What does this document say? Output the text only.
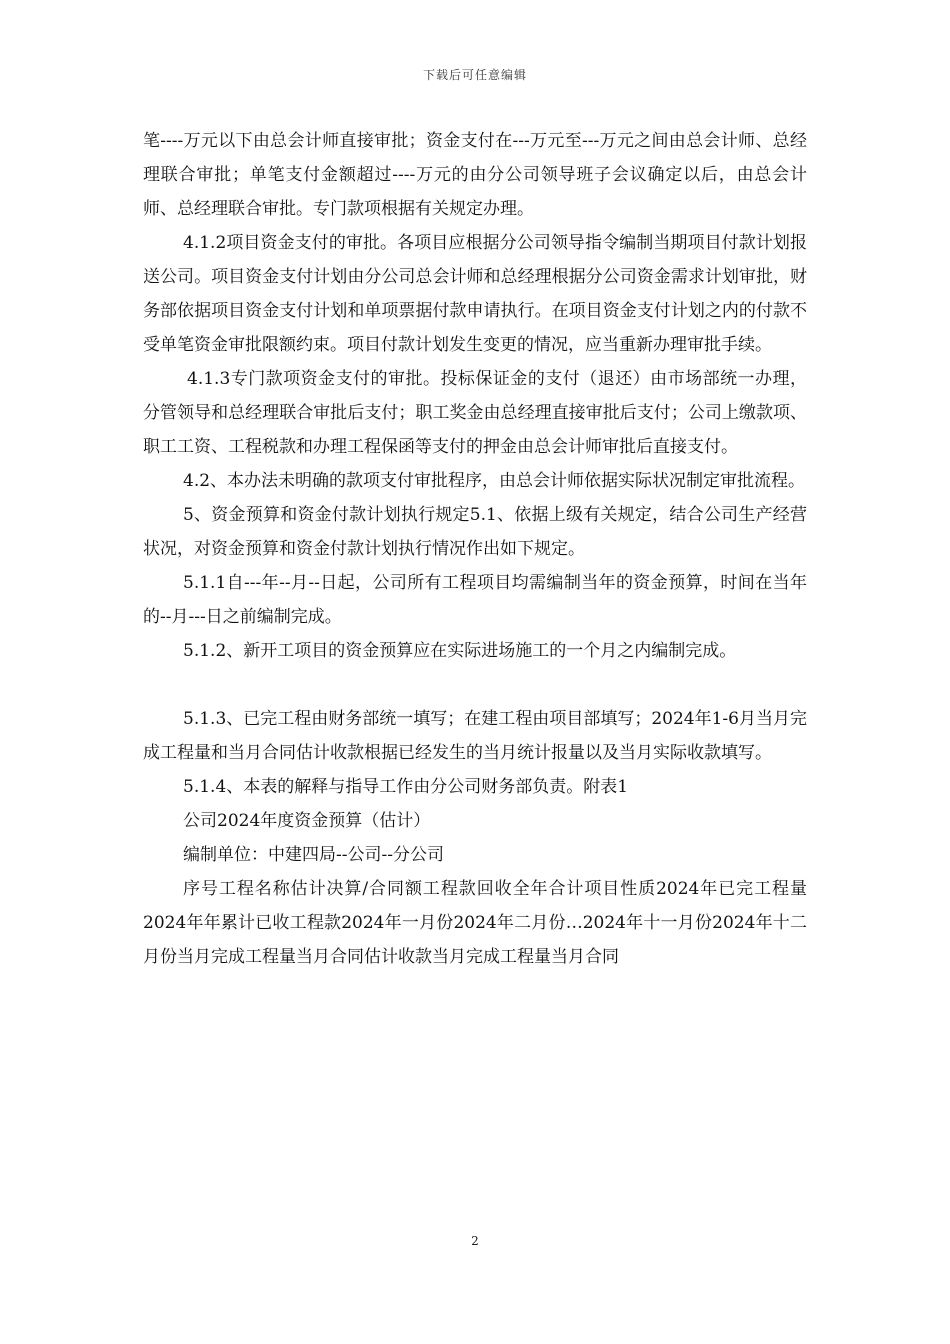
下载后可任意编辑

笔----万元以下由总会计师直接审批；资金支付在---万元至---万元之间由总会计师、总经理联合审批；单笔支付金额超过----万元的由分公司领导班子会议确定以后，由总会计师、总经理联合审批。专门款项根据有关规定办理。

4.1.2项目资金支付的审批。各项目应根据分公司领导指令编制当期项目付款计划报送公司。项目资金支付计划由分公司总会计师和总经理根据分公司资金需求计划审批，财务部依据项目资金支付计划和单项票据付款申请执行。在项目资金支付计划之内的付款不受单笔资金审批限额约束。项目付款计划发生变更的情况，应当重新办理审批手续。

4.1.3专门款项资金支付的审批。投标保证金的支付（退还）由市场部统一办理，分管领导和总经理联合审批后支付；职工奖金由总经理直接审批后支付；公司上缴款项、职工工资、工程税款和办理工程保函等支付的押金由总会计师审批后直接支付。

4.2、本办法未明确的款项支付审批程序，由总会计师依据实际状况制定审批流程。

5、资金预算和资金付款计划执行规定5.1、依据上级有关规定，结合公司生产经营状况，对资金预算和资金付款计划执行情况作出如下规定。

5.1.1自---年--月--日起，公司所有工程项目均需编制当年的资金预算，时间在当年的--月---日之前编制完成。

5.1.2、新开工项目的资金预算应在实际进场施工的一个月之内编制完成。

5.1.3、已完工程由财务部统一填写；在建工程由项目部填写；2024年1-6月当月完成工程量和当月合同估计收款根据已经发生的当月统计报量以及当月实际收款填写。

5.1.4、本表的解释与指导工作由分公司财务部负责。附表1

公司2024年度资金预算（估计）

编制单位：中建四局--公司--分公司

序号工程名称估计决算/合同额工程款回收全年合计项目性质2024年已完工程量2024年年累计已收工程款2024年一月份2024年二月份…2024年十一月份2024年十二月份当月完成工程量当月合同估计收款当月完成工程量当月合同

2
